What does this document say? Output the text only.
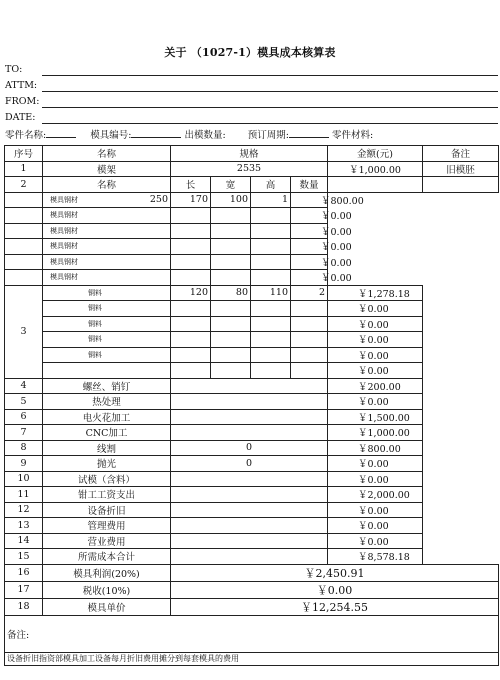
关于 （1027-1）模具成本核算表
TO:
ATTM:
FROM:
DATE:
零件名称:	模具编号:	出模数量: 预订周期:	零件材料:
序号	名称	规格				金额(元)	备注
1	模架	2535				￥1,000.00	旧模胚
2	名称	长	宽	高	数量		
模具钢材	250	170	100	1	￥800.00		
模具钢材					￥0.00		
模具钢材					￥0.00		
模具钢材					￥0.00		
模具钢材					￥0.00		
模具钢材					￥0.00		
3	铜料	120	80	110	2	￥1,278.18	
	铜料					￥0.00	
	铜料					￥0.00	
	铜料					￥0.00	
	铜料					￥0.00	
						￥0.00	
4	螺丝、销钉					￥200.00	
5	热处理					￥0.00	
6	电火花加工					￥1,500.00	
7	CNC加工					￥1,000.00	
8	线割	0				￥800.00	
9	抛光	0				￥0.00	
10	试模（含料）					￥0.00	
11	钳工工资支出					￥2,000.00	
12	设备折旧					￥0.00	
13	管理费用					￥0.00	
14	营业费用					￥0.00	
15	所需成本合计					￥8,578.18	
16	模具利润(20%)	￥2,450.91					
17	税收(10%)	￥0.00					
18	模具单价	￥12,254.55					
备注:							
设备折旧指资部模具加工设备每月折旧费用摊分到每套模具的费用							
